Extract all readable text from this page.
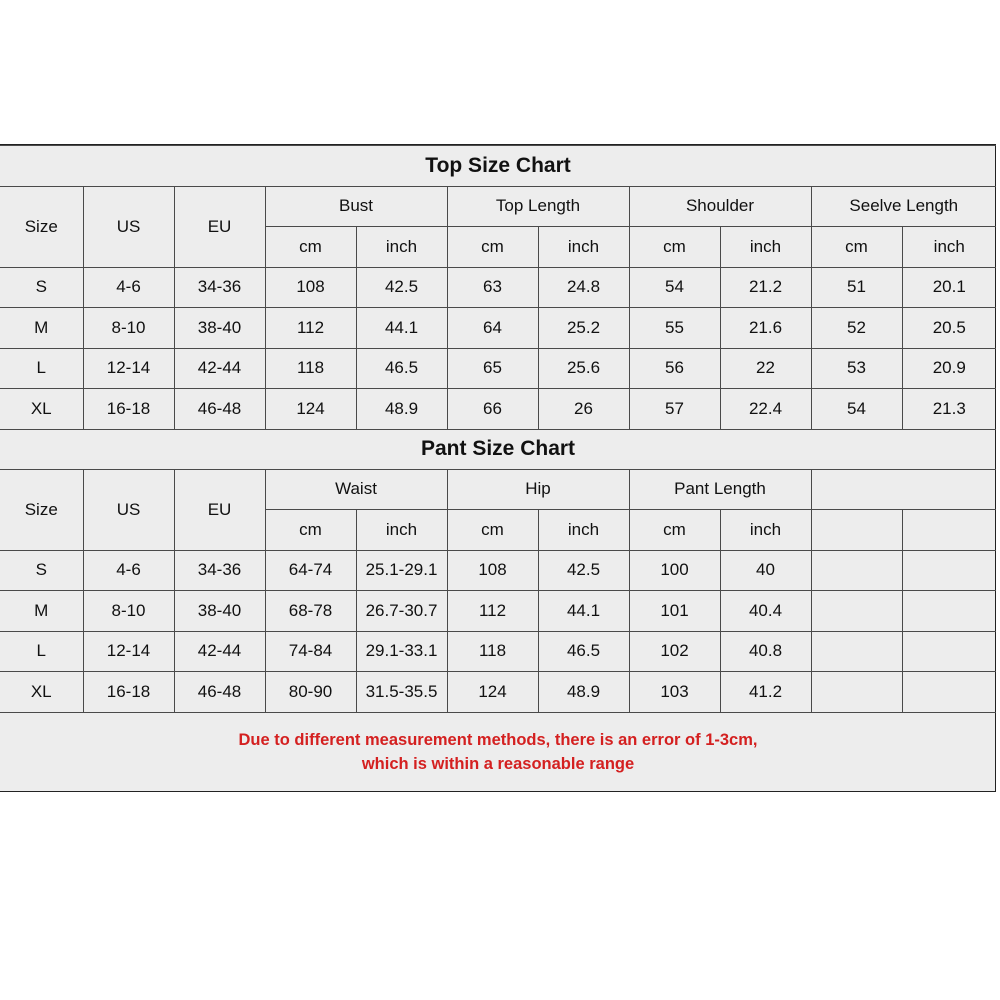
Top Size Chart										
Size	US	EU	Bust		Top Length		Shoulder		Seelve Length	
			cm	inch	cm	inch	cm	inch	cm	inch
S	4-6	34-36	108	42.5	63	24.8	54	21.2	51	20.1
M	8-10	38-40	112	44.1	64	25.2	55	21.6	52	20.5
L	12-14	42-44	118	46.5	65	25.6	56	22	53	20.9
XL	16-18	46-48	124	48.9	66	26	57	22.4	54	21.3
Pant Size Chart										
Size	US	EU	Waist		Hip		Pant Length			
			cm	inch	cm	inch	cm	inch		
S	4-6	34-36	64-74	25.1-29.1	108	42.5	100	40		
M	8-10	38-40	68-78	26.7-30.7	112	44.1	101	40.4		
L	12-14	42-44	74-84	29.1-33.1	118	46.5	102	40.8		
XL	16-18	46-48	80-90	31.5-35.5	124	48.9	103	41.2		
Due to different measurement methods, there is an error of 1-3cm,
which is within a reasonable range
